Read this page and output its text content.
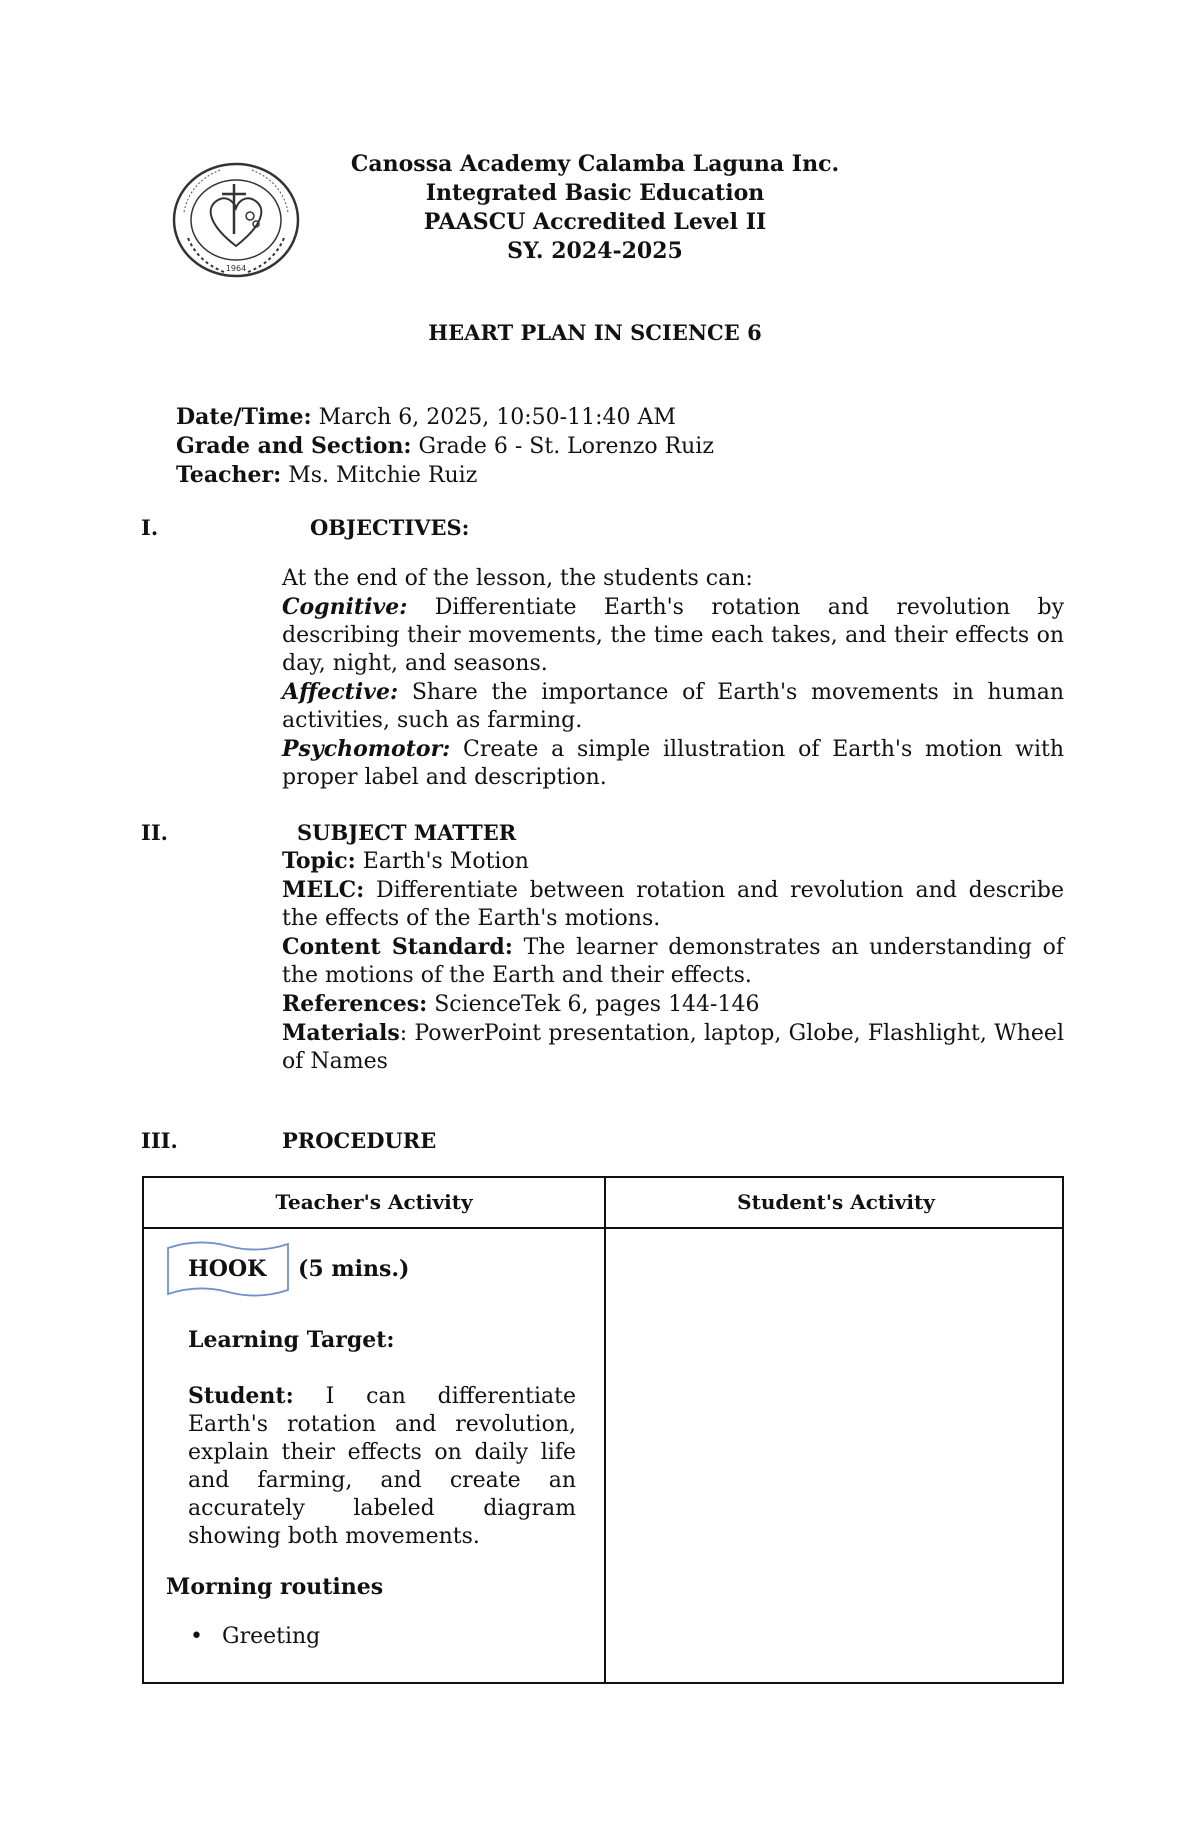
1964
Canossa Academy Calamba Laguna Inc.
Integrated Basic Education
PAASCU Accredited Level II
SY. 2024-2025
HEART PLAN IN SCIENCE 6
Date/Time: March 6, 2025, 10:50-11:40 AM
Grade and Section: Grade 6 - St. Lorenzo Ruiz
Teacher: Ms. Mitchie Ruiz
I.	OBJECTIVES:

At the end of the lesson, the students can:

Cognitive: Differentiate Earth's rotation and revolution by describing their movements, the time each takes, and their effects on day, night, and seasons.

Affective: Share the importance of Earth's movements in human activities, such as farming.

Psychomotor: Create a simple illustration of Earth's motion with proper label and description.

II.	SUBJECT MATTER

Topic: Earth's Motion

MELC: Differentiate between rotation and revolution and describe the effects of the Earth's motions.

Content Standard: The learner demonstrates an understanding of the motions of the Earth and their effects.

References: ScienceTek 6, pages 144-146

Materials: PowerPoint presentation, laptop, Globe, Flashlight, Wheel of Names

III.	PROCEDURE
Teacher's Activity	Student's Activity
HOOK (5 mins.)
Learning Target:
Student: I can differentiate Earth's rotation and revolution, explain their effects on daily life and farming, and create an accurately labeled diagram showing both movements.
Morning routines
• Greeting
